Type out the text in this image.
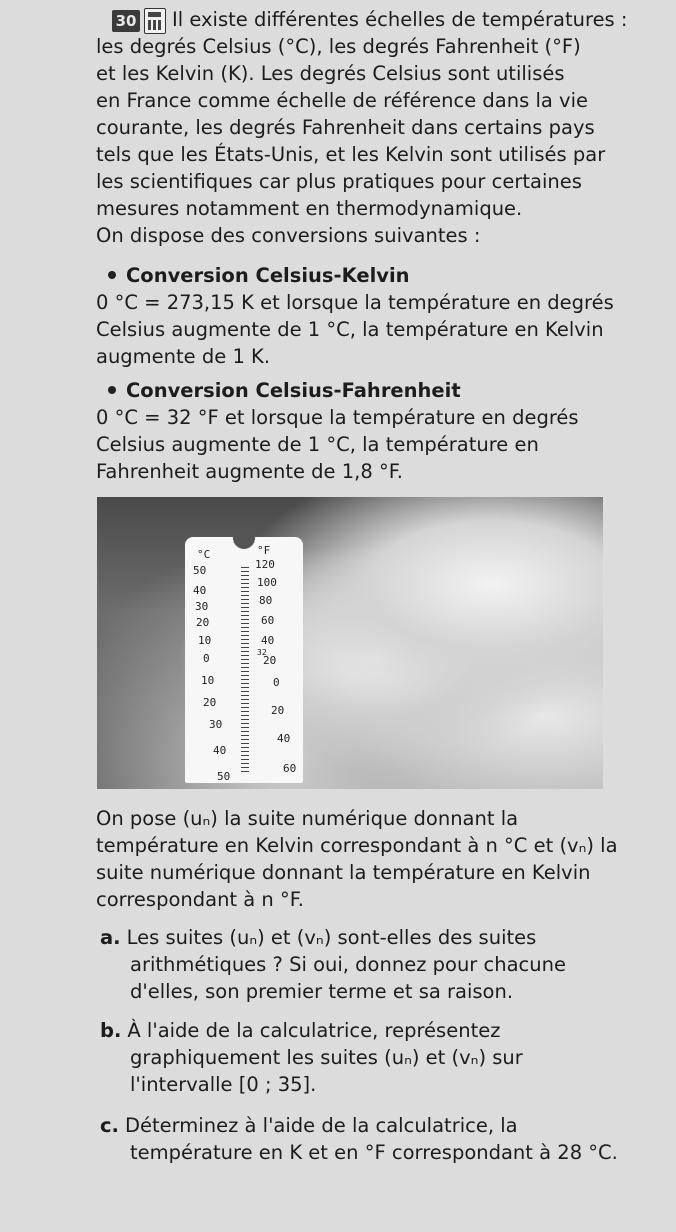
30 Il existe différentes échelles de températures :

les degrés Celsius (°C), les degrés Fahrenheit (°F)

et les Kelvin (K). Les degrés Celsius sont utilisés

en France comme échelle de référence dans la vie

courante, les degrés Fahrenheit dans certains pays

tels que les États-Unis, et les Kelvin sont utilisés par

les scientifiques car plus pratiques pour certaines

mesures notamment en thermodynamique.

On dispose des conversions suivantes :

Conversion Celsius-Kelvin

0 °C = 273,15 K et lorsque la température en degrés

Celsius augmente de 1 °C, la température en Kelvin

augmente de 1 K.

Conversion Celsius-Fahrenheit

0 °C = 32 °F et lorsque la température en degrés

Celsius augmente de 1 °C, la température en

Fahrenheit augmente de 1,8 °F.

°C	°F
50
40
30
20
10
0
10
20
30
40
50
120
100
80
60
40
32
20
0
20
40
60

On pose (uₙ) la suite numérique donnant la

température en Kelvin correspondant à n °C et (vₙ) la

suite numérique donnant la température en Kelvin

correspondant à n °F.

a. Les suites (uₙ) et (vₙ) sont-elles des suites

arithmétiques ? Si oui, donnez pour chacune

d'elles, son premier terme et sa raison.

b. À l'aide de la calculatrice, représentez

graphiquement les suites (uₙ) et (vₙ) sur

l'intervalle [0 ; 35].

c. Déterminez à l'aide de la calculatrice, la

température en K et en °F correspondant à 28 °C.
